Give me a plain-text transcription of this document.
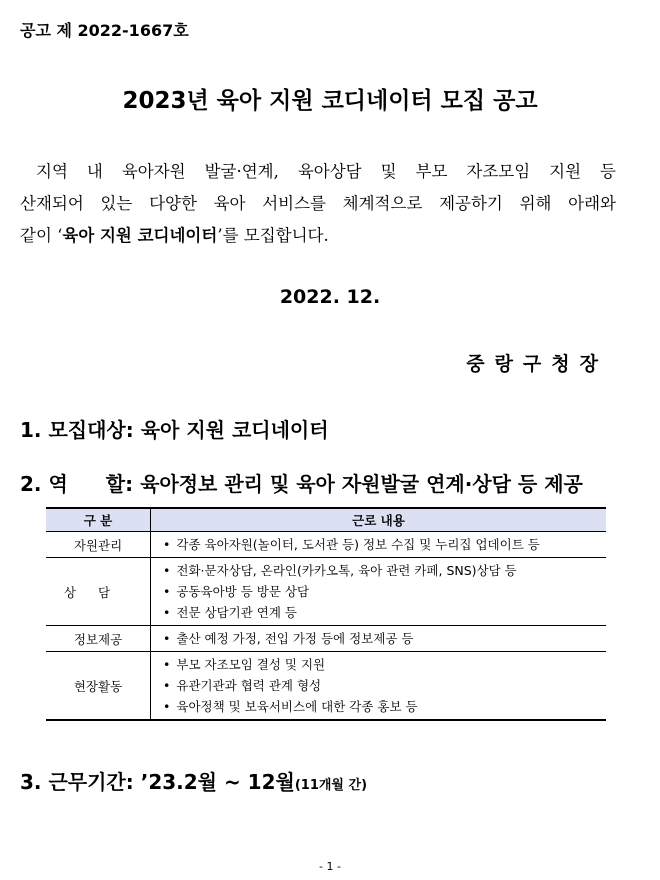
공고 제 2022-1667호
2023년 육아 지원 코디네이터 모집 공고

지역 내 육아자원 발굴·연계, 육아상담 및 부모 자조모임 지원 등

산재되어 있는 다양한 육아 서비스를 체계적으로 제공하기 위해 아래와

같이 ‘육아 지원 코디네이터’를 모집합니다.

2022. 12.
중랑구청장
1. 모집대상: 육아 지원 코디네이터
2. 역 할: 육아정보 관리 및 육아 자원발굴 연계·상담 등 제공
구 분	근로 내용
자원관리	• 각종 육아자원(놀이터, 도서관 등) 정보 수집 및 누리집 업데이트 등

상담	• 전화·문자상담, 온라인(카카오톡, 육아 관련 카페, SNS)상담 등
• 공동육아방 등 방문 상담
• 전문 상담기관 연계 등

정보제공	• 출산 예정 가정, 전입 가정 등에 정보제공 등

현장활동	• 부모 자조모임 결성 및 지원
• 유관기관과 협력 관계 형성
• 육아정책 및 보육서비스에 대한 각종 홍보 등
3. 근무기간: ’23.2월 ~ 12월(11개월 간)
- 1 -
